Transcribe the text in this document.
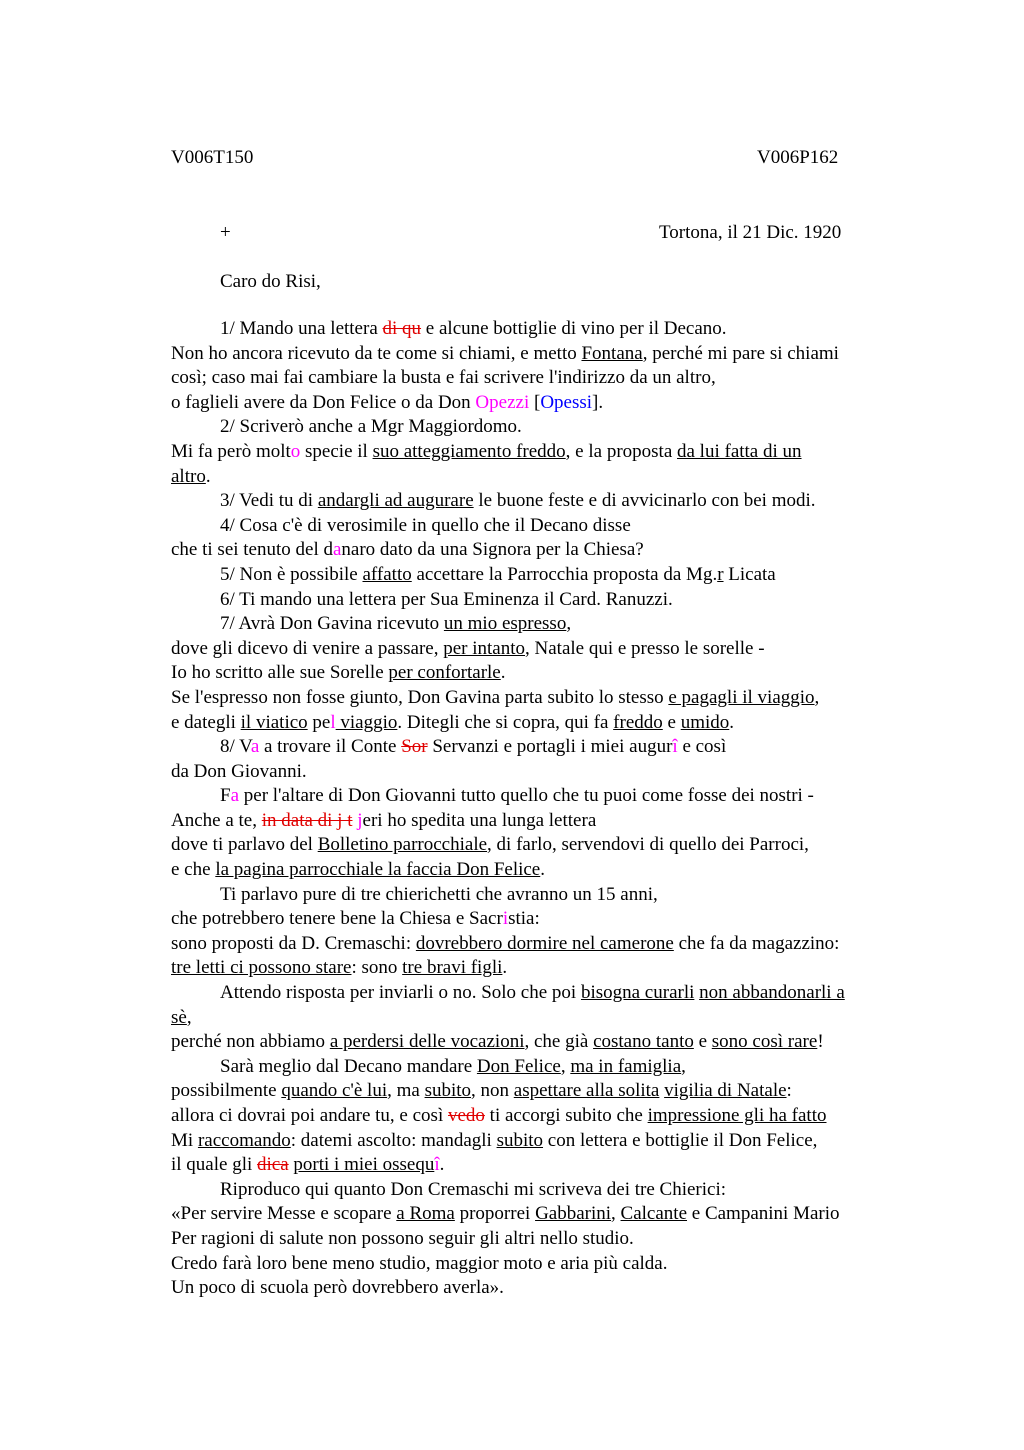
V006T150	V006P162
+	Tortona, il 21 Dic. 1920
Caro do Risi,
1/ Mando una lettera di qu e alcune bottiglie di vino per il Decano.
Non ho ancora ricevuto da te come si chiami, e metto Fontana, perché mi pare si chiami
così; caso mai fai cambiare la busta e fai scrivere l'indirizzo da un altro,
o faglieli avere da Don Felice o da Don Opezzi [Opessi].
2/ Scriverò anche a Mgr Maggiordomo.
Mi fa però molto specie il suo atteggiamento freddo, e la proposta da lui fatta di un
altro.
3/ Vedi tu di andargli ad augurare le buone feste e di avvicinarlo con bei modi.
4/ Cosa c'è di verosimile in quello che il Decano disse
che ti sei tenuto del danaro dato da una Signora per la Chiesa?
5/ Non è possibile affatto accettare la Parrocchia proposta da Mg.r Licata
6/ Ti mando una lettera per Sua Eminenza il Card. Ranuzzi.
7/ Avrà Don Gavina ricevuto un mio espresso,
dove gli dicevo di venire a passare, per intanto, Natale qui e presso le sorelle -
Io ho scritto alle sue Sorelle per confortarle.
Se l'espresso non fosse giunto, Don Gavina parta subito lo stesso e pagagli il viaggio,
e dategli il viatico pel viaggio. Ditegli che si copra, qui fa freddo e umido.
8/ Va a trovare il Conte Sor Servanzi e portagli i miei augurî e così
da Don Giovanni.
Fa per l'altare di Don Giovanni tutto quello che tu puoi come fosse dei nostri -
Anche a te, in data di j t jeri ho spedita una lunga lettera
dove ti parlavo del Bolletino parrocchiale, di farlo, servendovi di quello dei Parroci,
e che la pagina parrocchiale la faccia Don Felice.
Ti parlavo pure di tre chierichetti che avranno un 15 anni,
che potrebbero tenere bene la Chiesa e Sacristia:
sono proposti da D. Cremaschi: dovrebbero dormire nel camerone che fa da magazzino:
tre letti ci possono stare: sono tre bravi figli.
Attendo risposta per inviarli o no. Solo che poi bisogna curarli non abbandonarli a
sè,
perché non abbiamo a perdersi delle vocazioni, che già costano tanto e sono così rare!
Sarà meglio dal Decano mandare Don Felice, ma in famiglia,
possibilmente quando c'è lui, ma subito, non aspettare alla solita vigilia di Natale:
allora ci dovrai poi andare tu, e così vedo ti accorgi subito che impressione gli ha fatto
Mi raccomando: datemi ascolto: mandagli subito con lettera e bottiglie il Don Felice,
il quale gli dica porti i miei ossequî.
Riproduco qui quanto Don Cremaschi mi scriveva dei tre Chierici:
«Per servire Messe e scopare a Roma proporrei Gabbarini, Calcante e Campanini Mario
Per ragioni di salute non possono seguir gli altri nello studio.
Credo farà loro bene meno studio, maggior moto e aria più calda.
Un poco di scuola però dovrebbero averla».
